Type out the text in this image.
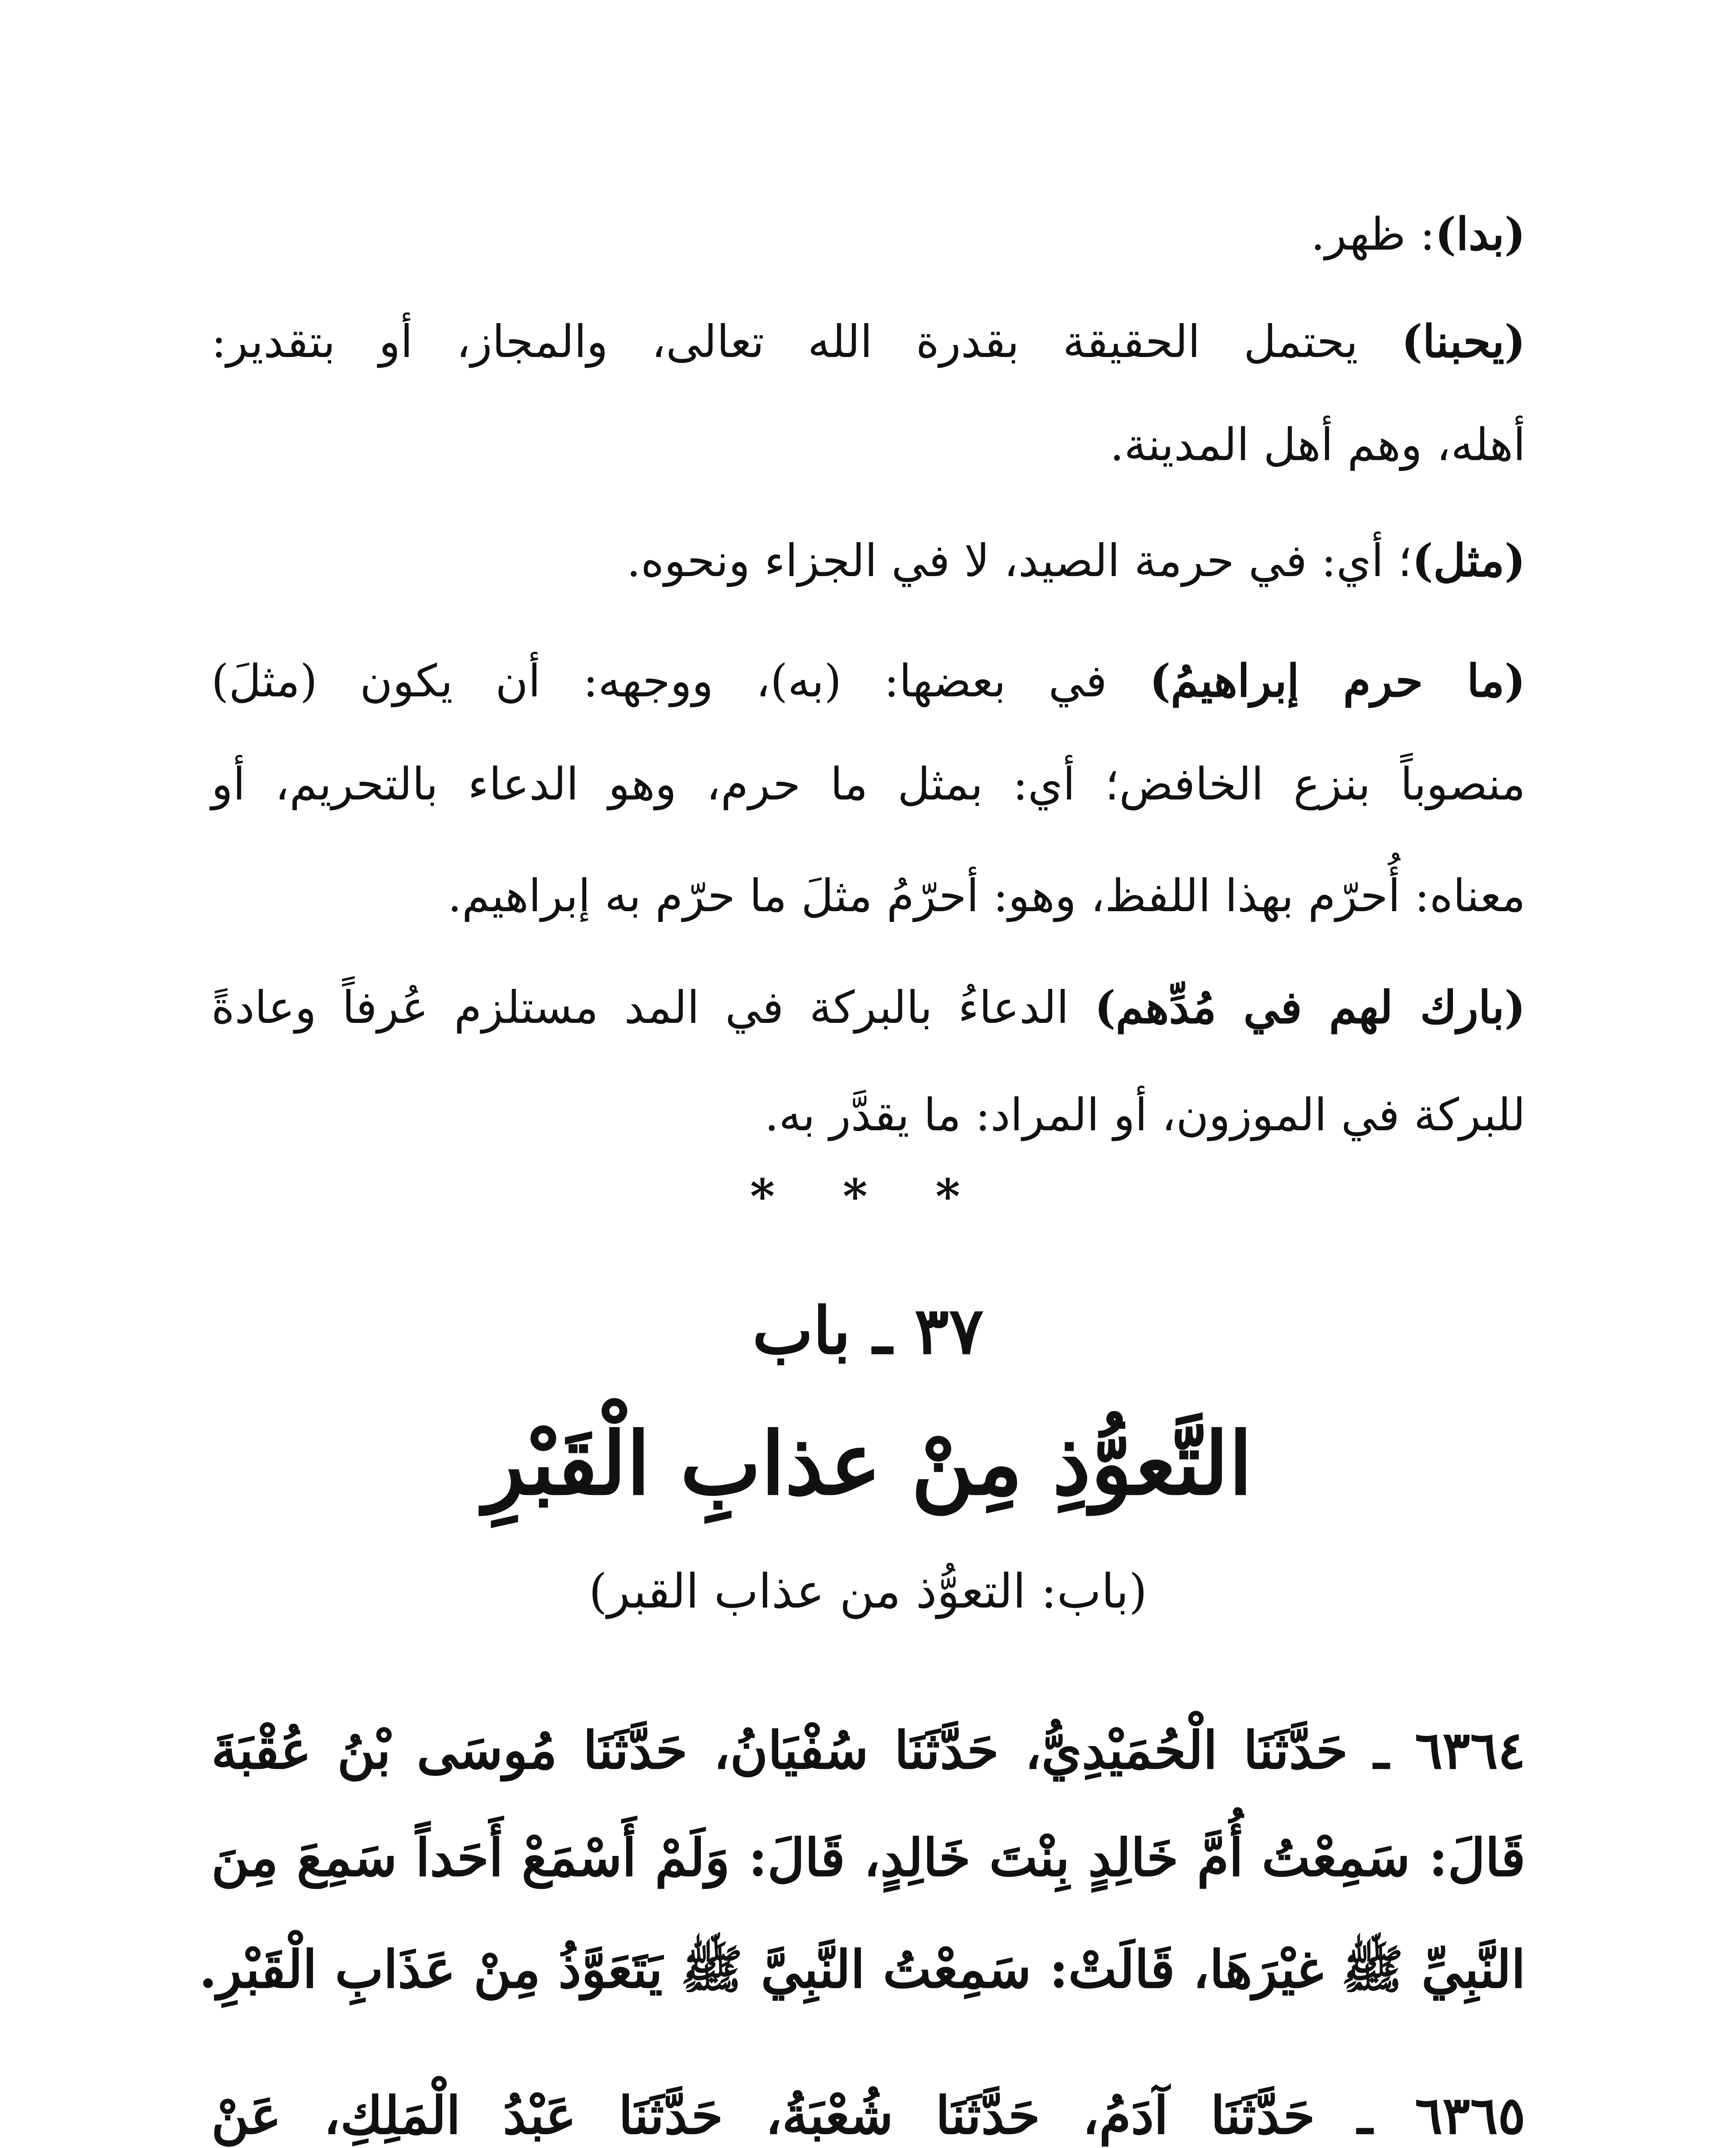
(بدا): ظهر.
(يحبنا) يحتمل الحقيقة بقدرة الله تعالى، والمجاز، أو بتقدير:
أهله، وهم أهل المدينة.
(مثل)؛ أي: في حرمة الصيد، لا في الجزاء ونحوه.
(ما حرم إبراهيمُ) في بعضها: (به)، ووجهه: أن يكون (مثلَ)
منصوباً بنزع الخافض؛ أي: بمثل ما حرم، وهو الدعاء بالتحريم، أو
معناه: أُحرّم بهذا اللفظ، وهو: أحرّمُ مثلَ ما حرّم به إبراهيم.
(بارك لهم في مُدِّهم) الدعاءُ بالبركة في المد مستلزم عُرفاً وعادةً
للبركة في الموزون، أو المراد: ما يقدَّر به.
* * *
٣٧ ـ باب
التَّعوُّذِ مِنْ عذابِ الْقَبْرِ
(باب: التعوُّذ من عذاب القبر)
٦٣٦٤ ـ حَدَّثَنَا الْحُمَيْدِيُّ، حَدَّثَنَا سُفْيَانُ، حَدَّثَنَا مُوسَى بْنُ عُقْبَةَ
قَالَ: سَمِعْتُ أُمَّ خَالِدٍ بِنْتَ خَالِدٍ، قَالَ: وَلَمْ أَسْمَعْ أَحَداً سَمِعَ مِنَ
النَّبِيِّ ﷺ غيْرَهَا، قَالَتْ: سَمِعْتُ النَّبِيَّ ﷺ يَتَعَوَّذُ مِنْ عَذَابِ الْقَبْرِ.
٦٣٦٥ ـ حَدَّثَنَا آدَمُ، حَدَّثَنَا شُعْبَةُ، حَدَّثَنَا عَبْدُ الْمَلِكِ، عَنْ
